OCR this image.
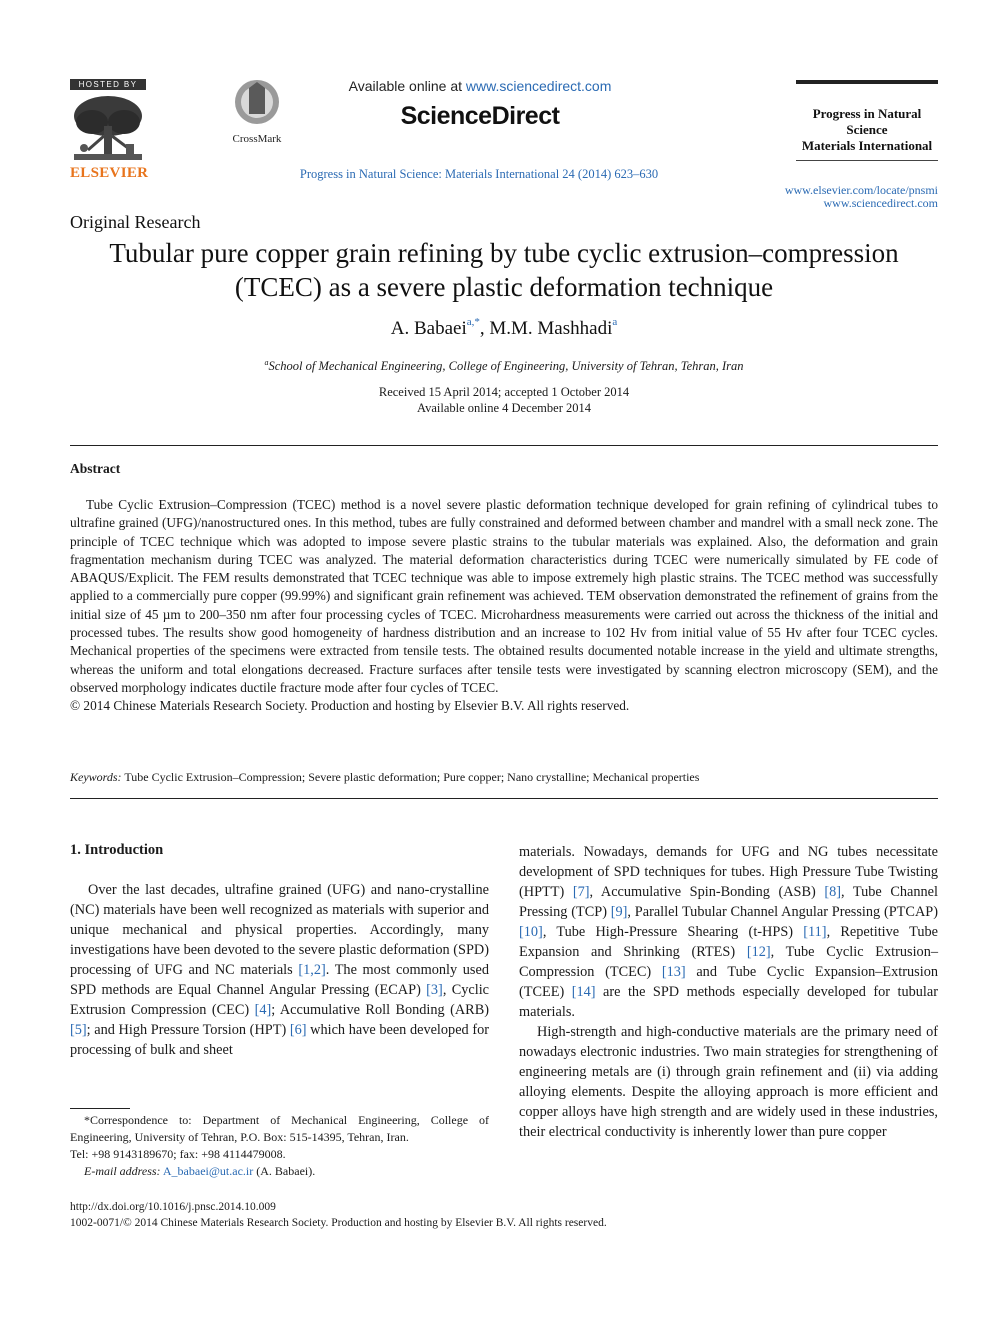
HOSTED BY
ELSEVIER
CrossMark
Available online at www.sciencedirect.com
ScienceDirect
Progress in Natural Science: Materials International 24 (2014) 623–630
Progress in Natural
Science
Materials International
www.elsevier.com/locate/pnsmi
www.sciencedirect.com
Original Research
Tubular pure copper grain refining by tube cyclic extrusion–compression
(TCEC) as a severe plastic deformation technique
A. Babaei$^{a,*}$, M.M. Mashhadi$^a$
$^a$School of Mechanical Engineering, College of Engineering, University of Tehran, Tehran, Iran
Received 15 April 2014; accepted 1 October 2014
Available online 4 December 2014
Abstract

Tube Cyclic Extrusion–Compression (TCEC) method is a novel severe plastic deformation technique developed for grain refining of cylindrical tubes to ultrafine grained (UFG)/nanostructured ones. In this method, tubes are fully constrained and deformed between chamber and mandrel with a small neck zone. The principle of TCEC technique which was adopted to impose severe plastic strains to the tubular materials was explained. Also, the deformation and grain fragmentation mechanism during TCEC was analyzed. The material deformation characteristics during TCEC were numerically simulated by FE code of ABAQUS/Explicit. The FEM results demonstrated that TCEC technique was able to impose extremely high plastic strains. The TCEC method was successfully applied to a commercially pure copper (99.99%) and significant grain refinement was achieved. TEM observation demonstrated the refinement of grains from the initial size of 45 µm to 200–350 nm after four processing cycles of TCEC. Microhardness measurements were carried out across the thickness of the initial and processed tubes. The results show good homogeneity of hardness distribution and an increase to 102 Hv from initial value of 55 Hv after four TCEC cycles. Mechanical properties of the specimens were extracted from tensile tests. The obtained results documented notable increase in the yield and ultimate strengths, whereas the uniform and total elongations decreased. Fracture surfaces after tensile tests were investigated by scanning electron microscopy (SEM), and the observed morphology indicates ductile fracture mode after four cycles of TCEC.

© 2014 Chinese Materials Research Society. Production and hosting by Elsevier B.V. All rights reserved.

Keywords: Tube Cyclic Extrusion–Compression; Severe plastic deformation; Pure copper; Nano crystalline; Mechanical properties
1. Introduction

Over the last decades, ultrafine grained (UFG) and nano-crystalline (NC) materials have been well recognized as materials with superior and unique mechanical and physical properties. Accordingly, many investigations have been devoted to the severe plastic deformation (SPD) processing of UFG and NC materials [1,2]. The most commonly used SPD methods are Equal Channel Angular Pressing (ECAP) [3], Cyclic Extrusion Compression (CEC) [4]; Accumulative Roll Bonding (ARB) [5]; and High Pressure Torsion (HPT) [6] which have been developed for processing of bulk and sheet

materials. Nowadays, demands for UFG and NG tubes necessitate development of SPD techniques for tubes. High Pressure Tube Twisting (HPTT) [7], Accumulative Spin-Bonding (ASB) [8], Tube Channel Pressing (TCP) [9], Parallel Tubular Channel Angular Pressing (PTCAP) [10], Tube High-Pressure Shearing (t-HPS) [11], Repetitive Tube Expansion and Shrinking (RTES) [12], Tube Cyclic Extrusion–Compression (TCEC) [13] and Tube Cyclic Expansion–Extrusion (TCEE) [14] are the SPD methods especially developed for tubular materials.

High-strength and high-conductive materials are the primary need of nowadays electronic industries. Two main strategies for strengthening of engineering metals are (i) through grain refinement and (ii) via adding alloying elements. Despite the alloying approach is more efficient and copper alloys have high strength and are widely used in these industries, their electrical conductivity is inherently lower than pure copper

*Correspondence to: Department of Mechanical Engineering, College of Engineering, University of Tehran, P.O. Box: 515-14395, Tehran, Iran.

Tel: +98 9143189670; fax: +98 4114479008.

E-mail address: A_babaei@ut.ac.ir (A. Babaei).

http://dx.doi.org/10.1016/j.pnsc.2014.10.009
1002-0071/© 2014 Chinese Materials Research Society. Production and hosting by Elsevier B.V. All rights reserved.
